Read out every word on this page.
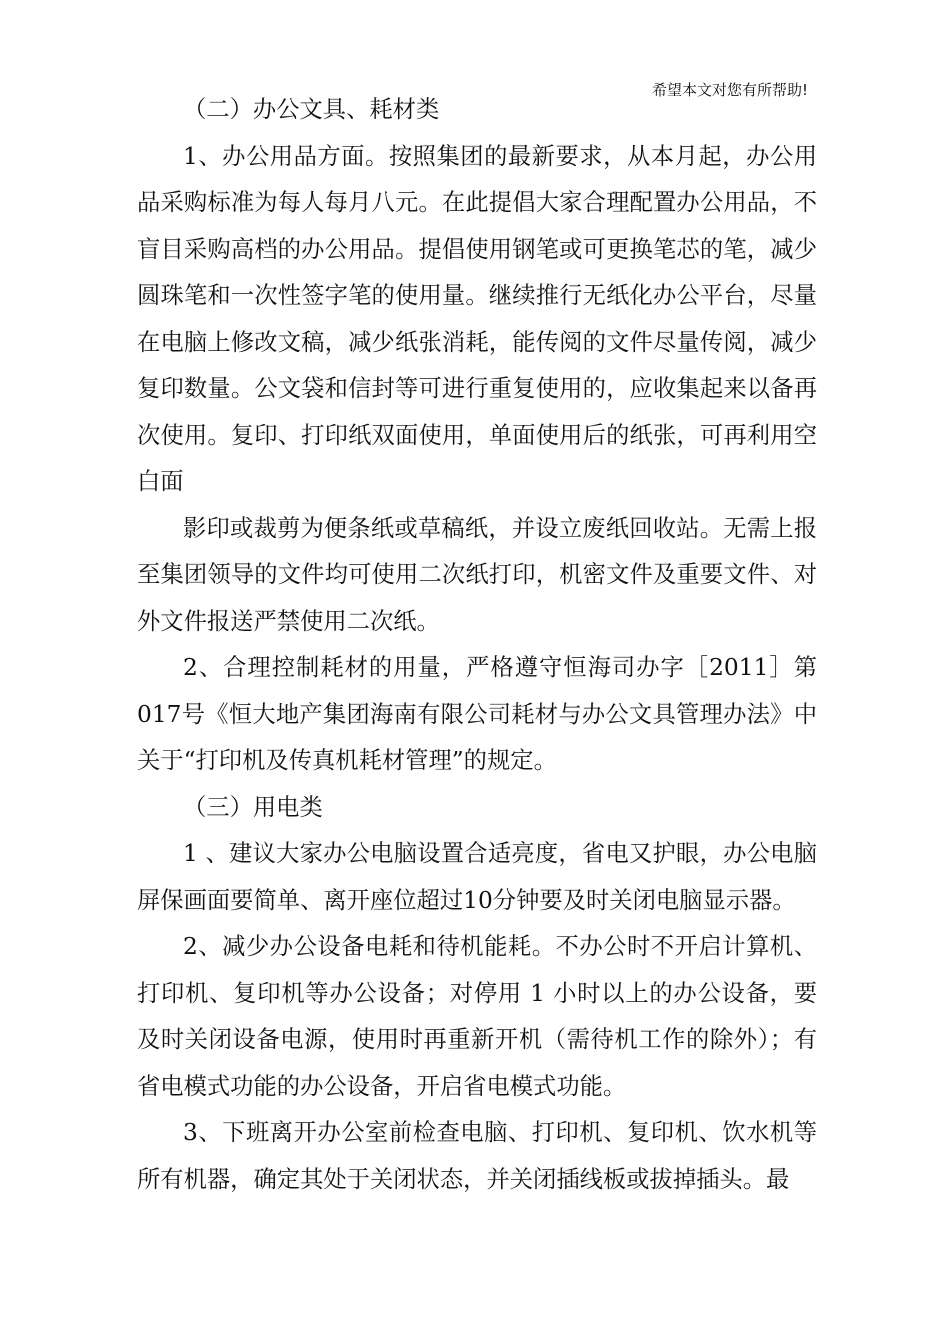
希望本文对您有所帮助!

（二）办公文具、耗材类

1、办公用品方面。按照集团的最新要求，从本月起，办公用品采购标准为每人每月八元。在此提倡大家合理配置办公用品，不盲目采购高档的办公用品。提倡使用钢笔或可更换笔芯的笔，减少圆珠笔和一次性签字笔的使用量。继续推行无纸化办公平台，尽量在电脑上修改文稿，减少纸张消耗，能传阅的文件尽量传阅，减少复印数量。公文袋和信封等可进行重复使用的，应收集起来以备再次使用。复印、打印纸双面使用，单面使用后的纸张，可再利用空白面

影印或裁剪为便条纸或草稿纸，并设立废纸回收站。无需上报至集团领导的文件均可使用二次纸打印，机密文件及重要文件、对外文件报送严禁使用二次纸。

2、合理控制耗材的用量，严格遵守恒海司办字［2011］第017号《恒大地产集团海南有限公司耗材与办公文具管理办法》中关于“打印机及传真机耗材管理”的规定。

（三）用电类

1 、建议大家办公电脑设置合适亮度，省电又护眼，办公电脑屏保画面要简单、离开座位超过10分钟要及时关闭电脑显示器。

2、减少办公设备电耗和待机能耗。不办公时不开启计算机、打印机、复印机等办公设备；对停用 1 小时以上的办公设备，要及时关闭设备电源，使用时再重新开机（需待机工作的除外）；有省电模式功能的办公设备，开启省电模式功能。

3、下班离开办公室前检查电脑、打印机、复印机、饮水机等所有机器，确定其处于关闭状态，并关闭插线板或拔掉插头。最
